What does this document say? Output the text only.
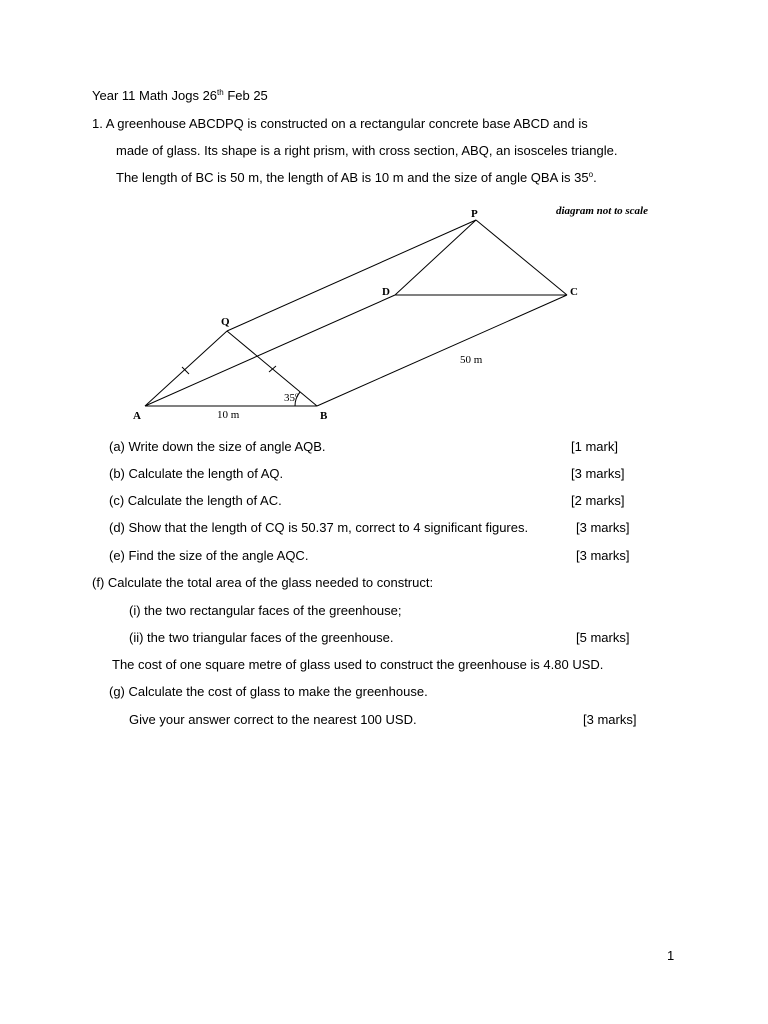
Year 11 Math Jogs 26th Feb 25
1. A greenhouse ABCDPQ is constructed on a rectangular concrete base ABCD and is
made of glass. Its shape is a right prism, with cross section, ABQ, an isosceles triangle.
The length of BC is 50 m, the length of AB is 10 m and the size of angle QBA is 35$^o$.
P
C
D
Q
A	B
10 m
50 m
35$^o$
diagram not to scale
(a) Write down the size of angle AQB.	[1 mark]
(b) Calculate the length of AQ.	[3 marks]
(c) Calculate the length of AC.	[2 marks]
(d) Show that the length of CQ is 50.37 m, correct to 4 significant figures.	[3 marks]
(e) Find the size of the angle AQC.	[3 marks]
(f) Calculate the total area of the glass needed to construct:
(i) the two rectangular faces of the greenhouse;
(ii) the two triangular faces of the greenhouse.	[5 marks]
The cost of one square metre of glass used to construct the greenhouse is 4.80 USD.
(g) Calculate the cost of glass to make the greenhouse.
Give your answer correct to the nearest 100 USD.	[3 marks]
1
